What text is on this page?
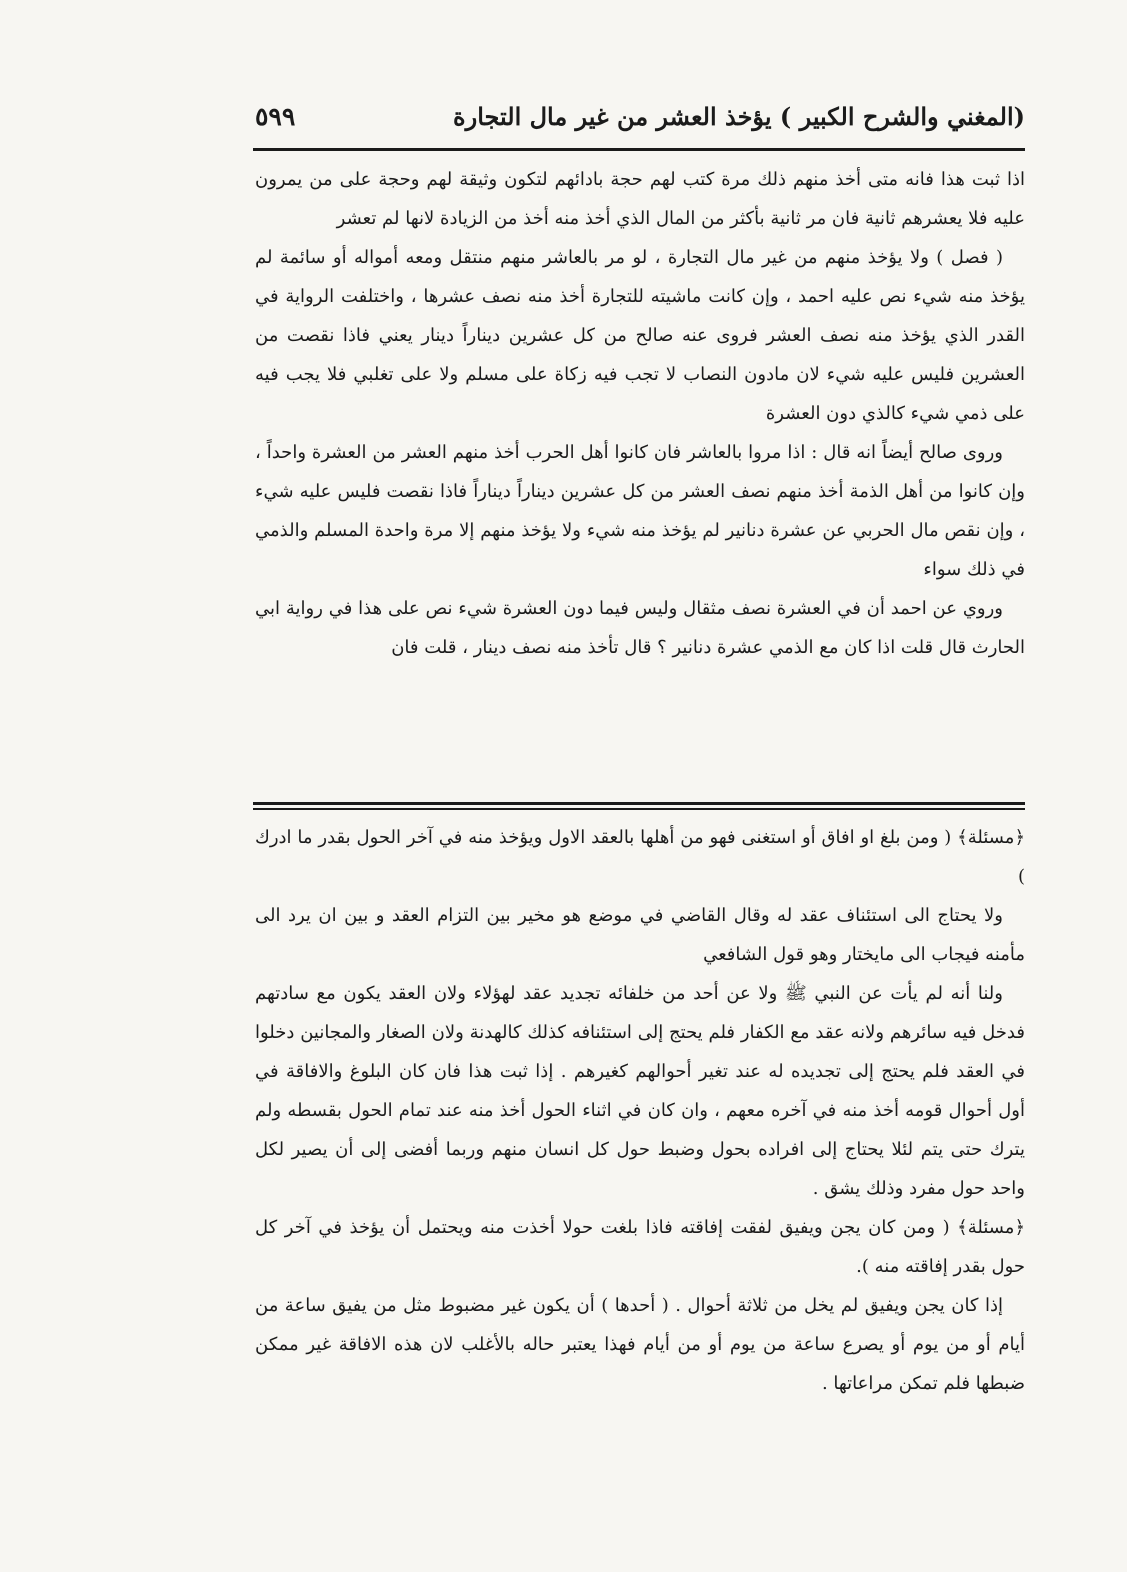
(المغني والشرح الكبير ) يؤخذ العشر من غير مال التجارة
٥٩٩

اذا ثبت هذا فانه متى أخذ منهم ذلك مرة كتب لهم حجة بادائهم لتكون وثيقة لهم وحجة على من يمرون عليه فلا يعشرهم ثانية فان مر ثانية بأكثر من المال الذي أخذ منه أخذ من الزيادة لانها لم تعشر

( فصل ) ولا يؤخذ منهم من غير مال التجارة ، لو مر بالعاشر منهم منتقل ومعه أمواله أو سائمة لم يؤخذ منه شيء نص عليه احمد ، وإن كانت ماشيته للتجارة أخذ منه نصف عشرها ، واختلفت الرواية في القدر الذي يؤخذ منه نصف العشر فروى عنه صالح من كل عشرين ديناراً دينار يعني فاذا نقصت من العشرين فليس عليه شيء لان مادون النصاب لا تجب فيه زكاة على مسلم ولا على تغلبي فلا يجب فيه على ذمي شيء كالذي دون العشرة

وروى صالح أيضاً انه قال : اذا مروا بالعاشر فان كانوا أهل الحرب أخذ منهم العشر من العشرة واحداً ، وإن كانوا من أهل الذمة أخذ منهم نصف العشر من كل عشرين ديناراً ديناراً فاذا نقصت فليس عليه شيء ، وإن نقص مال الحربي عن عشرة دنانير لم يؤخذ منه شيء ولا يؤخذ منهم إلا مرة واحدة المسلم والذمي في ذلك سواء

وروي عن احمد أن في العشرة نصف مثقال وليس فيما دون العشرة شيء نص على هذا في رواية ابي الحارث قال قلت اذا كان مع الذمي عشرة دنانير ؟ قال تأخذ منه نصف دينار ، قلت فان

﴿مسئلة﴾ ( ومن بلغ او افاق أو استغنى فهو من أهلها بالعقد الاول ويؤخذ منه في آخر الحول بقدر ما ادرك )

ولا يحتاج الى استئناف عقد له وقال القاضي في موضع هو مخير بين التزام العقد و بين ان يرد الى مأمنه فيجاب الى مايختار وهو قول الشافعي

ولنا أنه لم يأت عن النبي ﷺ ولا عن أحد من خلفائه تجديد عقد لهؤلاء ولان العقد يكون مع سادتهم فدخل فيه سائرهم ولانه عقد مع الكفار فلم يحتج إلى استئنافه كذلك كالهدنة ولان الصغار والمجانين دخلوا في العقد فلم يحتج إلى تجديده له عند تغير أحوالهم كغيرهم . إذا ثبت هذا فان كان البلوغ والافاقة في أول أحوال قومه أخذ منه في آخره معهم ، وان كان في اثناء الحول أخذ منه عند تمام الحول بقسطه ولم يترك حتى يتم لئلا يحتاج إلى افراده بحول وضبط حول كل انسان منهم وربما أفضى إلى أن يصير لكل واحد حول مفرد وذلك يشق .

﴿مسئلة﴾ ( ومن كان يجن ويفيق لفقت إفاقته فاذا بلغت حولا أخذت منه ويحتمل أن يؤخذ في آخر كل حول بقدر إفاقته منه ).

إذا كان يجن ويفيق لم يخل من ثلاثة أحوال . ( أحدها ) أن يكون غير مضبوط مثل من يفيق ساعة من أيام أو من يوم أو يصرع ساعة من يوم أو من أيام فهذا يعتبر حاله بالأغلب لان هذه الافاقة غير ممكن ضبطها فلم تمكن مراعاتها .
